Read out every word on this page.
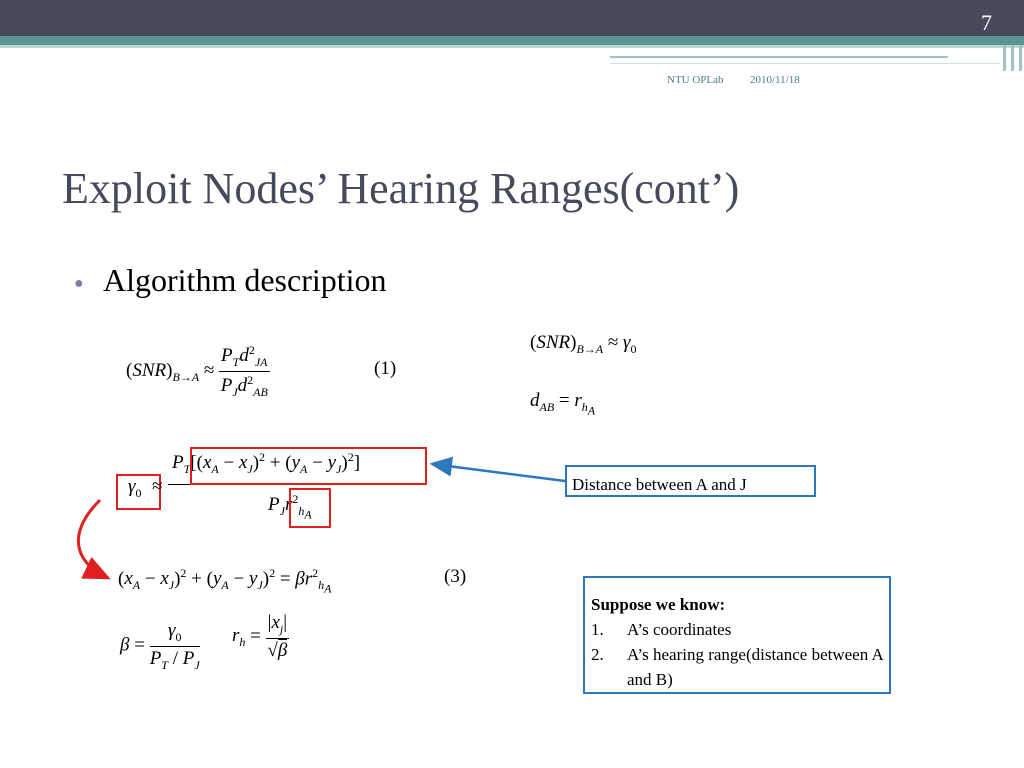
7
NTU OPLab 2010/11/18
Exploit Nodes’ Hearing Ranges(cont’)
● Algorithm description
$(SNR)_{B\to A} \approx \frac{P_Td^2_{JA}}{P_Jd^2_{AB}}$	(1)
$(SNR)_{B\to A} \approx \gamma_0$
$d_{AB} = r_{h_A}$
$\gamma_0$ ≈
$P_T[(x_A - x_J)^2 + (y_A - y_J)^2]$
$P_Jr^2_{h_A}$
$(x_A - x_J)^2 + (y_A - y_J)^2 = \beta r^2_{h_A}$
(3)
$\beta = \frac{\gamma_0}{P_T / P_J} r_h = \frac{|x_j|}{√\beta}$
Distance between A and J
Suppose we know:
1. A’s coordinates
2. A’s hearing range(distance between A and B)
